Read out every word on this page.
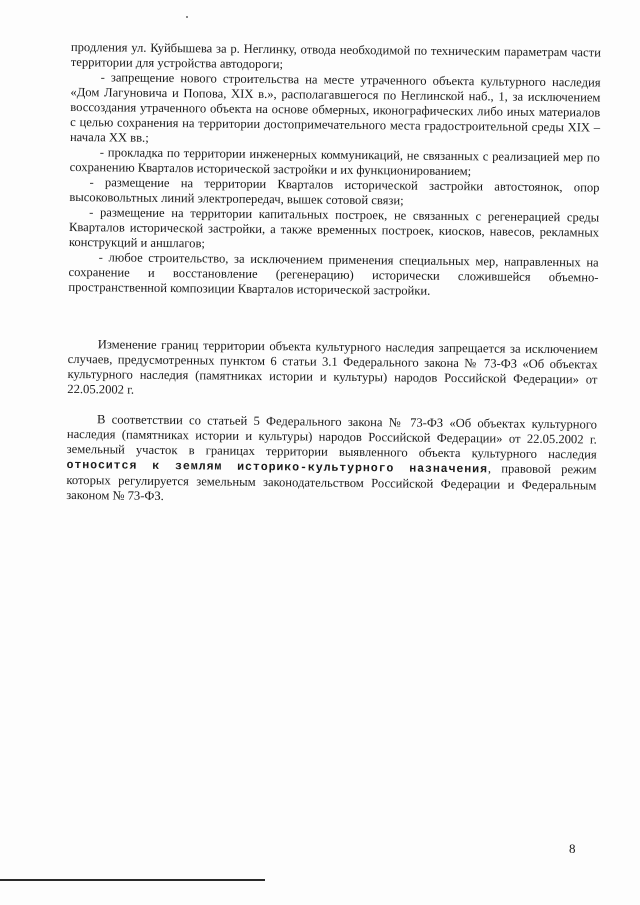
продления ул. Куйбышева за р. Неглинку, отвода необходимой по техническим параметрам части территории для устройства автодороги;

- запрещение нового строительства на месте утраченного объекта культурного наследия «Дом Лагуновича и Попова, XIX в.», располагавшегося по Неглинской наб., 1, за исключением воссоздания утраченного объекта на основе обмерных, иконографических либо иных материалов с целью сохранения на территории достопримечательного места градостроительной среды XIX – начала XX вв.;

- прокладка по территории инженерных коммуникаций, не связанных с реализацией мер по сохранению Кварталов исторической застройки и их функционированием;

- размещение на территории Кварталов исторической застройки автостоянок, опор высоковольтных линий электропередач, вышек сотовой связи;

- размещение на территории капитальных построек, не связанных с регенерацией среды Кварталов исторической застройки, а также временных построек, киосков, навесов, рекламных конструкций и аншлагов;

- любое строительство, за исключением применения специальных мер, направленных на сохранение и восстановление (регенерацию) исторически сложившейся объемно-пространственной композиции Кварталов исторической застройки.

Изменение границ территории объекта культурного наследия запрещается за исключением случаев, предусмотренных пунктом 6 статьи 3.1 Федерального закона № 73-ФЗ «Об объектах культурного наследия (памятниках истории и культуры) народов Российской Федерации» от 22.05.2002 г.

В соответствии со статьей 5 Федерального закона № 73-ФЗ «Об объектах культурного наследия (памятниках истории и культуры) народов Российской Федерации» от 22.05.2002 г. земельный участок в границах территории выявленного объекта культурного наследия относится к землям историко-культурного назначения, правовой режим которых регулируется земельным законодательством Российской Федерации и Федеральным законом № 73-ФЗ.

8
